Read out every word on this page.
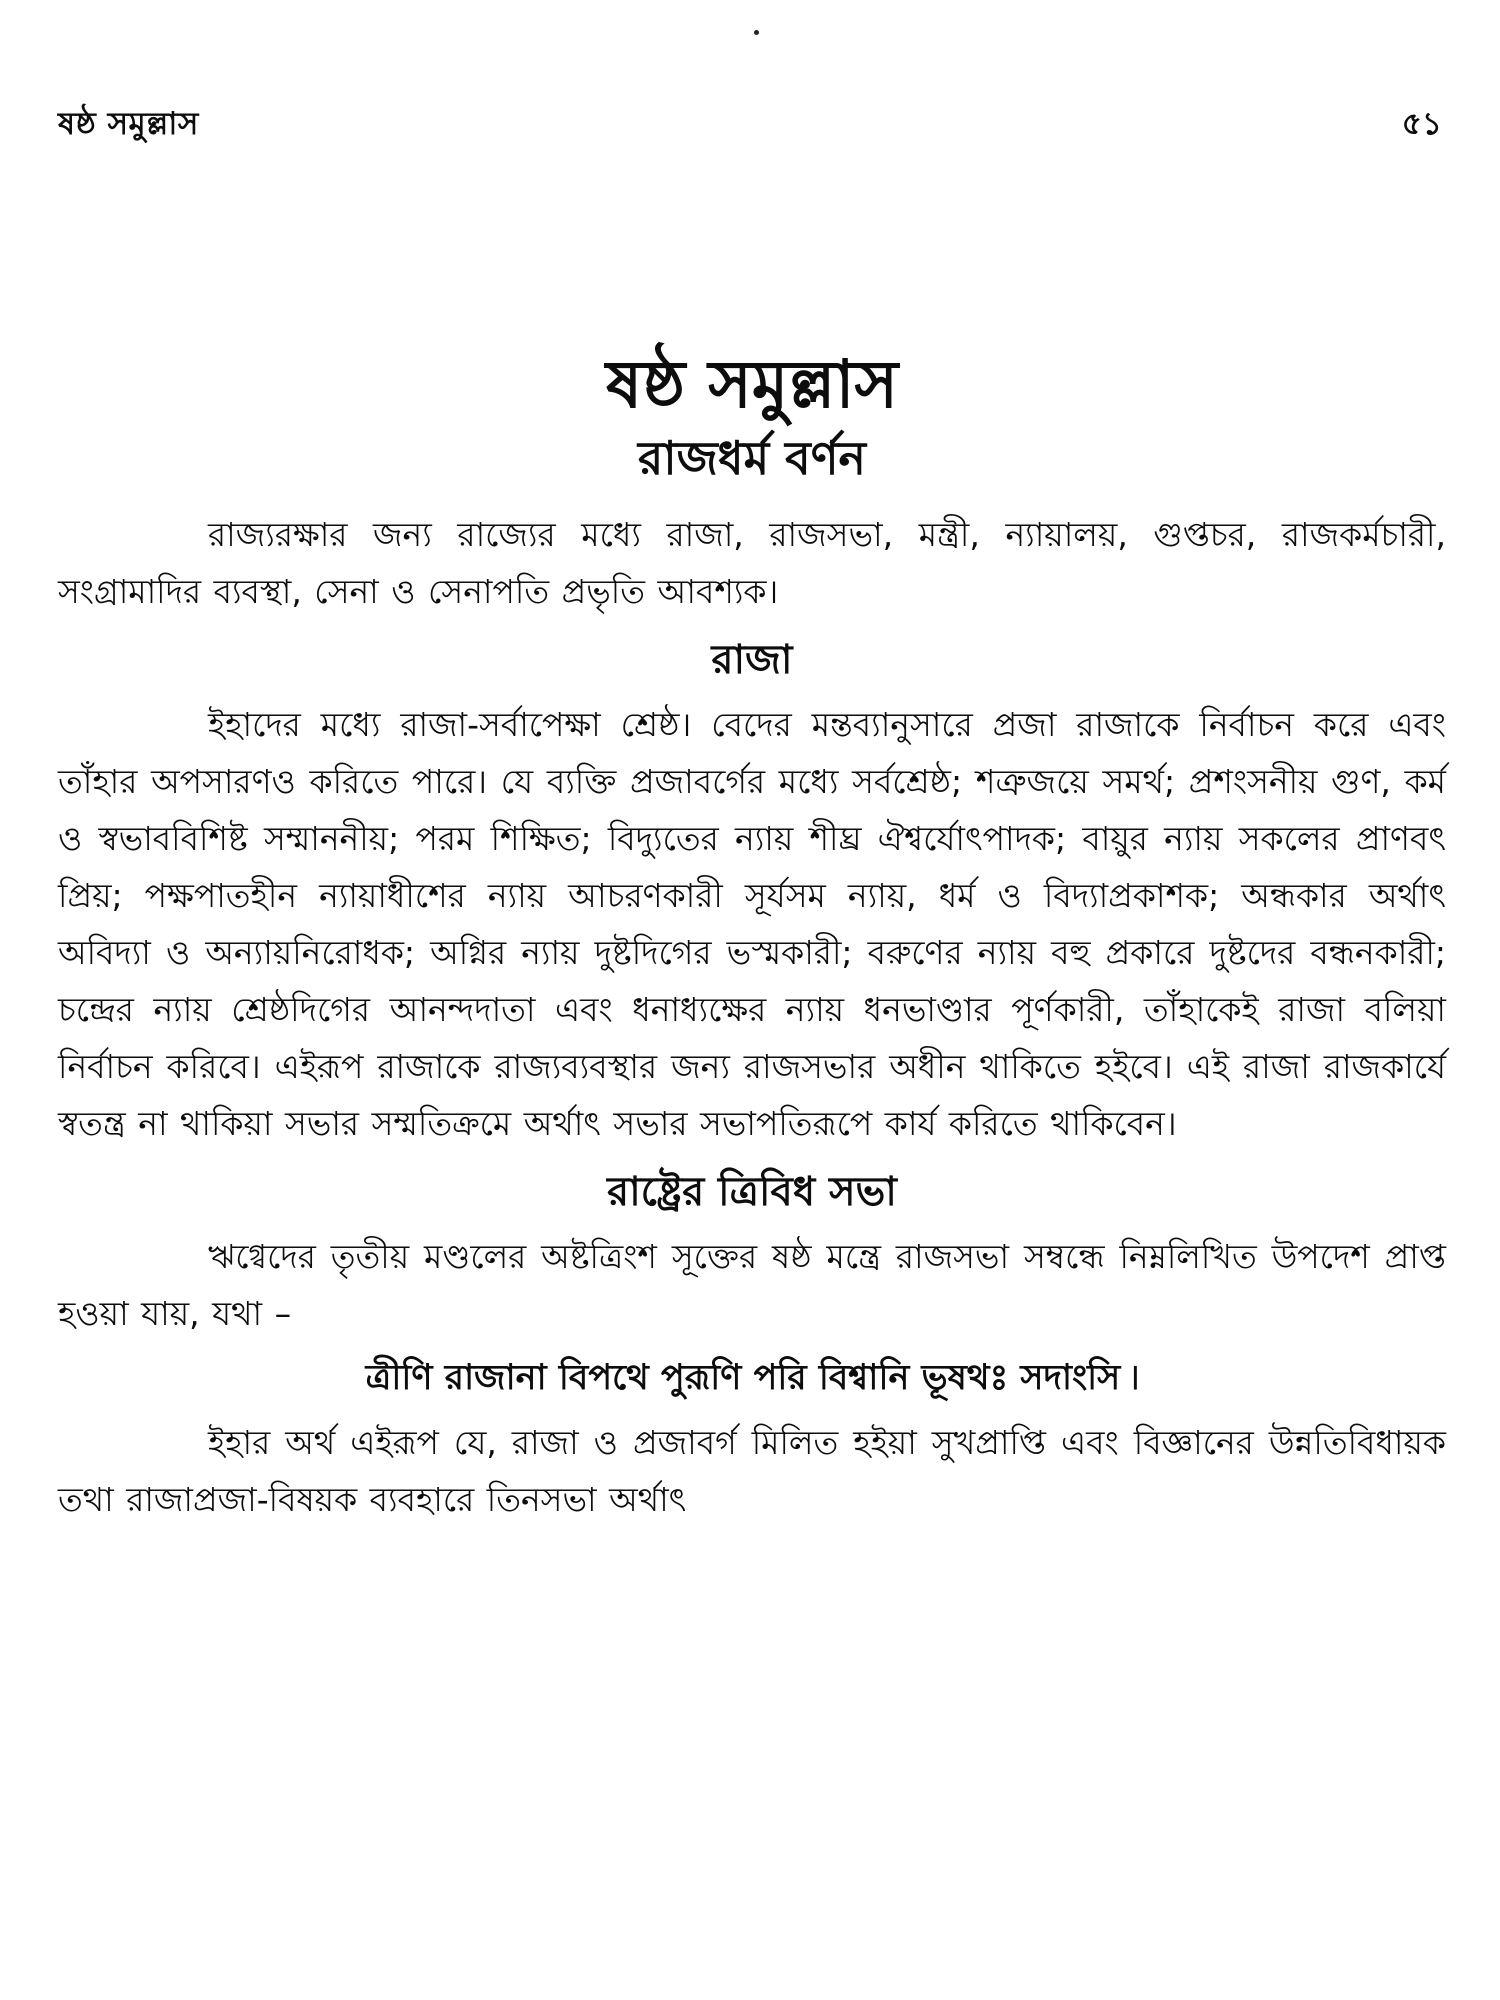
ষষ্ঠ সমুল্লাস	৫১
ষষ্ঠ সমুল্লাস
রাজধর্ম বর্ণন

রাজ্যরক্ষার জন্য রাজ্যের মধ্যে রাজা, রাজসভা, মন্ত্রী, ন্যায়ালয়, গুপ্তচর, রাজকর্মচারী, সংগ্রামাদির ব্যবস্থা, সেনা ও সেনাপতি প্রভৃতি আবশ্যক।

রাজা

ইহাদের মধ্যে রাজা-সর্বাপেক্ষা শ্রেষ্ঠ। বেদের মন্তব্যানুসারে প্রজা রাজাকে নির্বাচন করে এবং তাঁহার অপসারণও করিতে পারে। যে ব্যক্তি প্রজাবর্গের মধ্যে সর্বশ্রেষ্ঠ; শত্রুজয়ে সমর্থ; প্রশংসনীয় গুণ, কর্ম ও স্বভাববিশিষ্ট সম্মাননীয়; পরম শিক্ষিত; বিদ্যুতের ন্যায় শীঘ্র ঐশ্বর্যোৎপাদক; বায়ুর ন্যায় সকলের প্রাণবৎ প্রিয়; পক্ষপাতহীন ন্যায়াধীশের ন্যায় আচরণকারী সূর্যসম ন্যায়, ধর্ম ও বিদ্যাপ্রকাশক; অন্ধকার অর্থাৎ অবিদ্যা ও অন্যায়নিরোধক; অগ্নির ন্যায় দুষ্টদিগের ভস্মকারী; বরুণের ন্যায় বহু প্রকারে দুষ্টদের বন্ধনকারী; চন্দ্রের ন্যায় শ্রেষ্ঠদিগের আনন্দদাতা এবং ধনাধ্যক্ষের ন্যায় ধনভাণ্ডার পূর্ণকারী, তাঁহাকেই রাজা বলিয়া নির্বাচন করিবে। এইরূপ রাজাকে রাজ্যব্যবস্থার জন্য রাজসভার অধীন থাকিতে হইবে। এই রাজা রাজকার্যে স্বতন্ত্র না থাকিয়া সভার সম্মতিক্রমে অর্থাৎ সভার সভাপতিরূপে কার্য করিতে থাকিবেন।

রাষ্ট্রের ত্রিবিধ সভা

ঋগ্বেদের তৃতীয় মণ্ডলের অষ্টত্রিংশ সূক্তের ষষ্ঠ মন্ত্রে রাজসভা সম্বন্ধে নিম্নলিখিত উপদেশ প্রাপ্ত হওয়া যায়, যথা –

ত্রীণি রাজানা বিপথে পুরূণি পরি বিশ্বানি ভূষথঃ সদাংসি ৷

ইহার অর্থ এইরূপ যে, রাজা ও প্রজাবর্গ মিলিত হইয়া সুখপ্রাপ্তি এবং বিজ্ঞানের উন্নতিবিধায়ক তথা রাজাপ্রজা-বিষয়ক ব্যবহারে তিনসভা অর্থাৎ
